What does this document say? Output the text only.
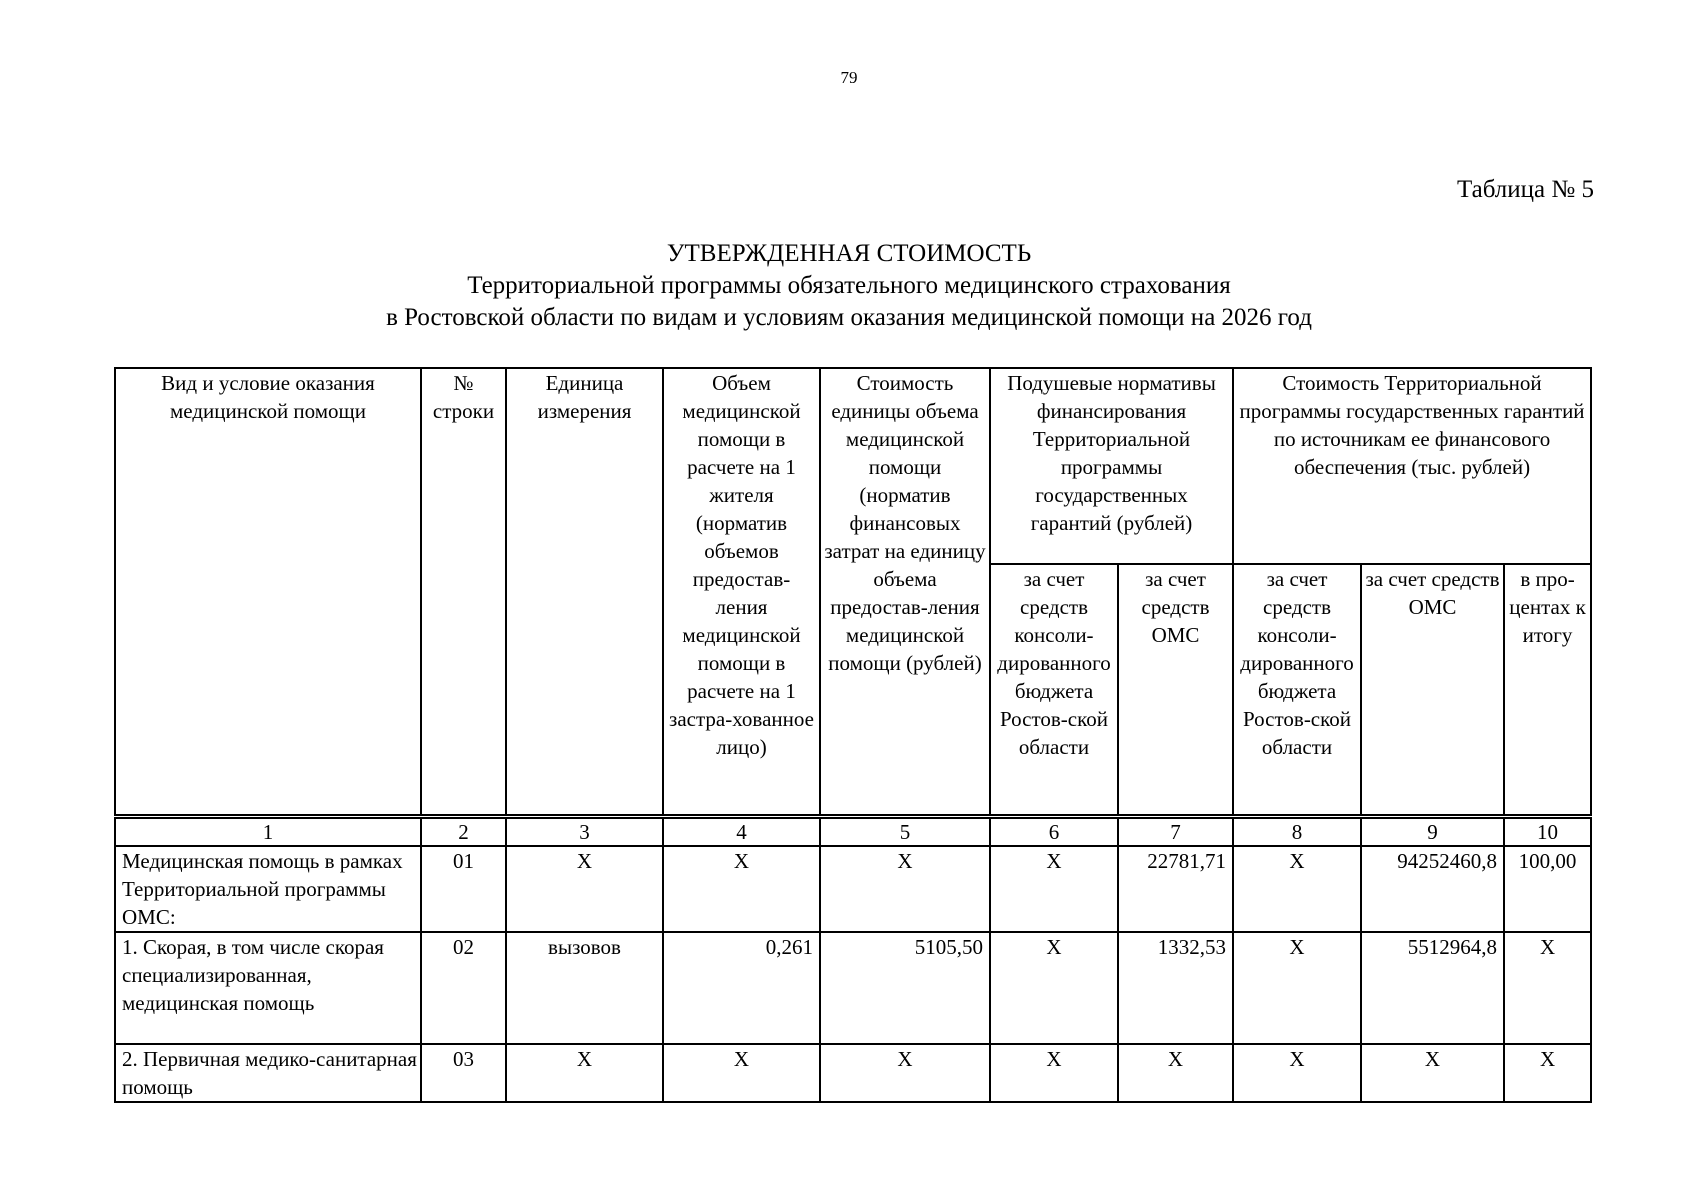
79
Таблица № 5
УТВЕРЖДЕННАЯ СТОИМОСТЬ
Территориальной программы обязательного медицинского страхования
в Ростовской области по видам и условиям оказания медицинской помощи на 2026 год
Вид и условие оказания медицинской помощи	№ строки	Единица измерения	Объем медицинской помощи в расчете на 1 жителя (норматив объемов предостав-ления медицинской помощи в расчете на 1 застра-хованное лицо)	Стоимость единицы объема медицинской помощи (норматив финансовых затрат на единицу объема предостав-ления медицинской помощи (рублей)	Подушевые нормативы финансирования Территориальной программы государственных гарантий (рублей)		Стоимость Территориальной программы государственных гарантий по источникам ее финансового обеспечения (тыс. рублей)		
					за счет средств консоли-дированного бюджета Ростов-ской области	за счет средств ОМС	за счет средств консоли-дированного бюджета Ростов-ской области	за счет средств ОМС	в про-центах к итогу
1	2	3	4	5	6	7	8	9	10
Медицинская помощь в рамках Территориальной программы ОМС:	01	X	X	X	X	22781,71	X	94252460,8	100,00
1. Скорая, в том числе скорая специализированная, медицинская помощь	02	вызовов	0,261	5105,50	X	1332,53	X	5512964,8	X
2. Первичная медико-санитарная помощь	03	X	X	X	X	X	X	X	X
